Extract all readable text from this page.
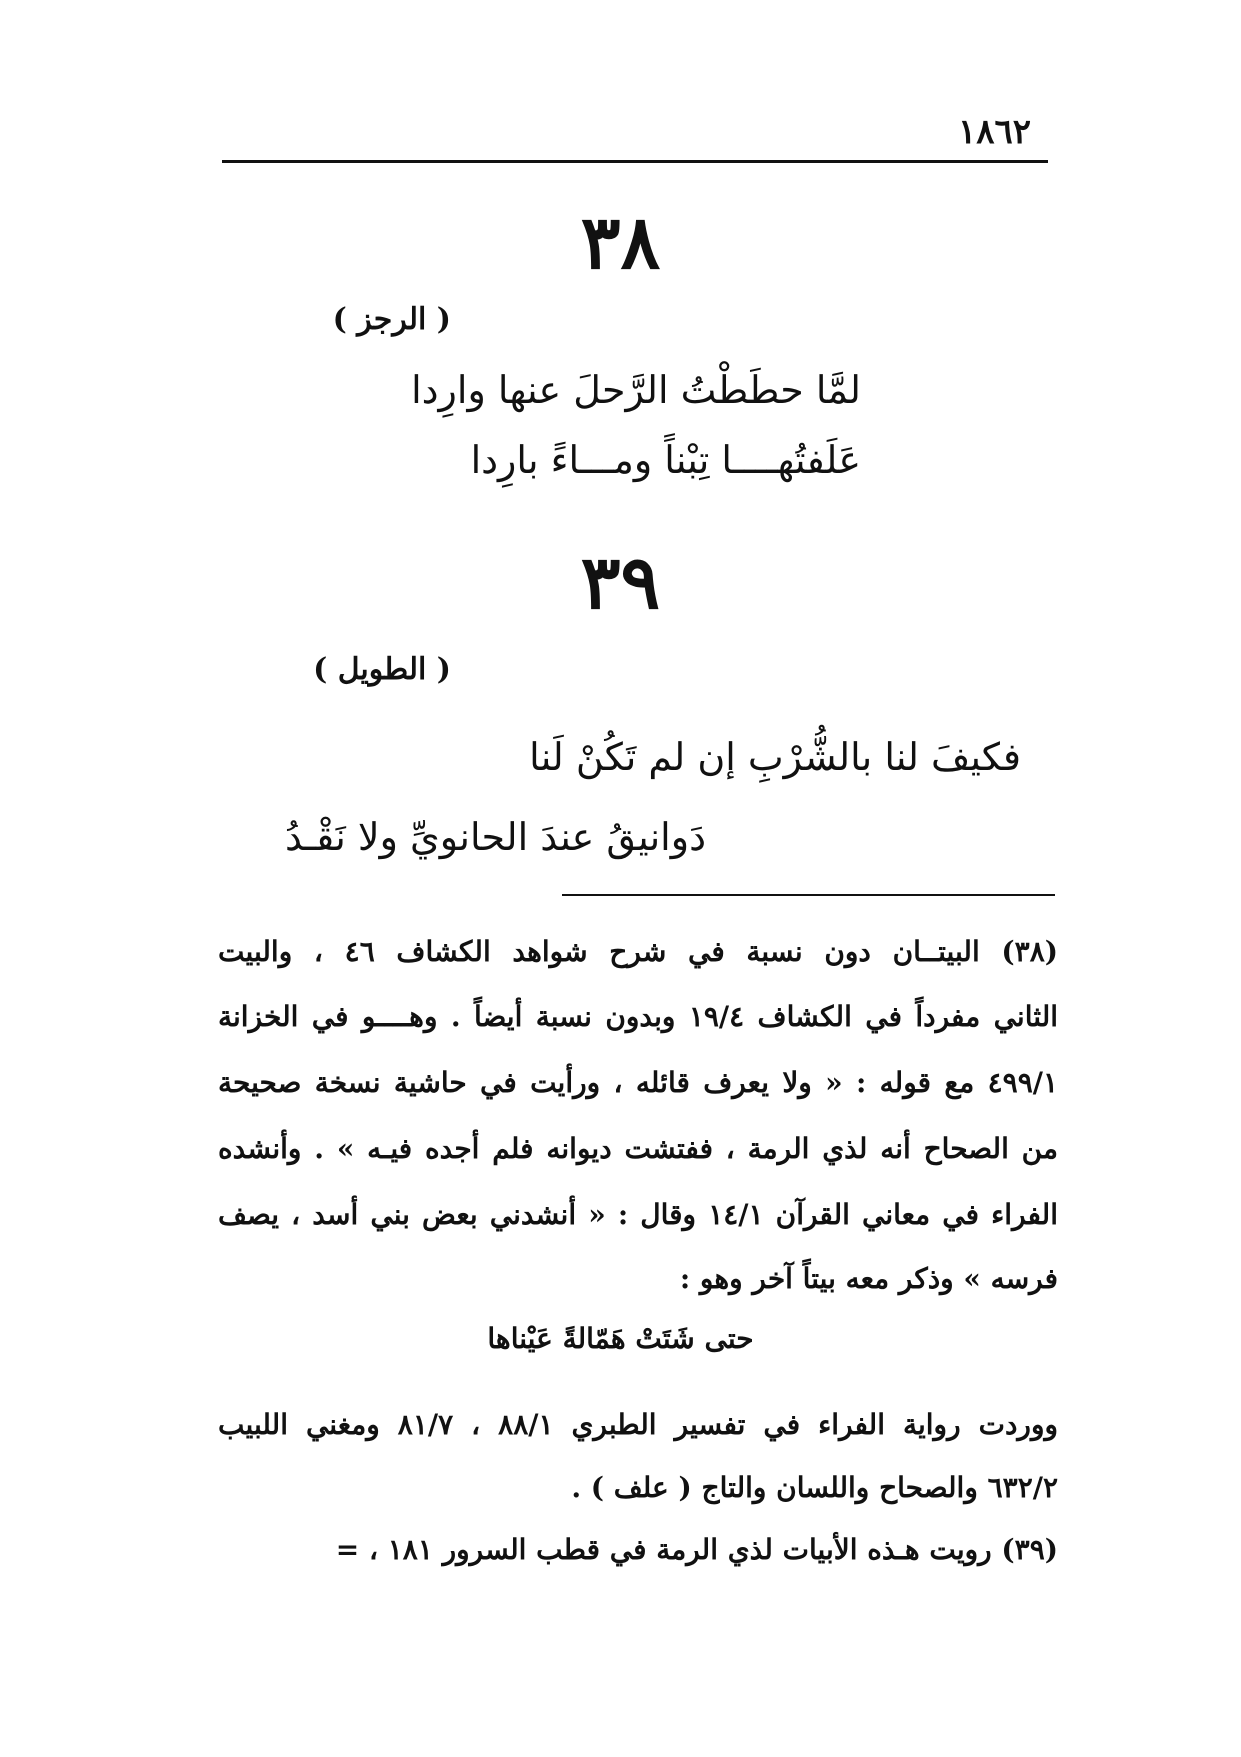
١٨٦٢
٣٨
( الرجز )
لمَّا حطَطْتُ الرَّحلَ عنها وارِدا
عَلَفتُهــــا تِبْناً ومـــاءً بارِدا
٣٩
( الطويل )
فكيفَ لنا بالشُّرْبِ إن لم تَكُنْ لَنا
دَوانيقُ عندَ الحانويِّ ولا نَقْـدُ
(٣٨) البيتــان دون نسبة في شرح شواهد الكشاف ٤٦ ، والبيت
الثاني مفرداً في الكشاف ١٩/٤ وبدون نسبة أيضاً . وهــــو في الخزانة
٤٩٩/١ مع قوله : « ولا يعرف قائله ، ورأيت في حاشية نسخة صحيحة
من الصحاح أنه لذي الرمة ، ففتشت ديوانه فلم أجده فيـه » . وأنشده
الفراء في معاني القرآن ١٤/١ وقال : « أنشدني بعض بني أسد ، يصف
فرسه » وذكر معه بيتاً آخر وهو :
حتى شَتَتْ هَمّالةً عَيْناها
ووردت رواية الفراء في تفسير الطبري ٨٨/١ ، ٨١/٧ ومغني اللبيب
٦٣٢/٢ والصحاح واللسان والتاج ( علف ) .
(٣٩) رويت هـذه الأبيات لذي الرمة في قطب السرور ١٨١ ، =
